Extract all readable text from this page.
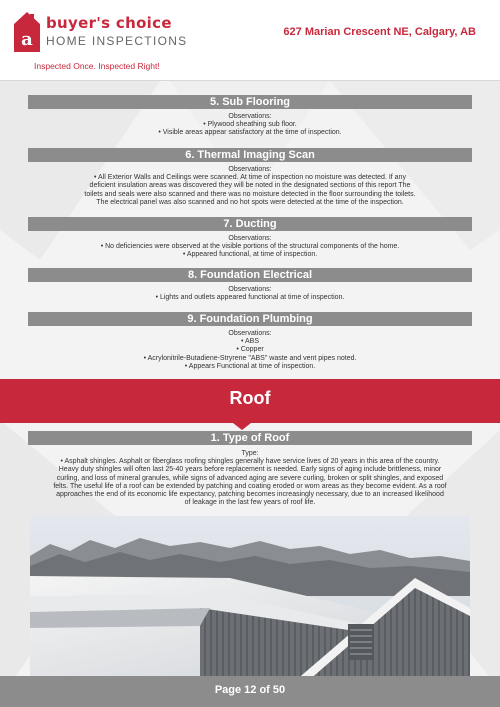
a
buyer's choice
HOME INSPECTIONS
Inspected Once. Inspected Right!
627 Marian Crescent NE, Calgary, AB
5. Sub Flooring
Observations:
• Plywood sheathing sub floor.
• Visible areas appear satisfactory at the time of inspection.
6. Thermal Imaging Scan
Observations:
• All Exterior Walls and Ceilings were scanned. At time of inspection no moisture was detected. If any
deficient insulation areas was discovered they will be noted in the designated sections of this report The
toilets and seals were also scanned and there was no moisture detected in the floor surrounding the toilets.
The electrical panel was also scanned and no hot spots were detected at the time of the inspection.
7. Ducting
Observations:
• No deficiencies were observed at the visible portions of the structural components of the home.
• Appeared functional, at time of inspection.
8. Foundation Electrical
Observations:
• Lights and outlets appeared functional at time of inspection.
9. Foundation Plumbing
Observations:
• ABS
• Copper
• Acrylonitrile-Butadiene-Stryrene "ABS" waste and vent pipes noted.
• Appears Functional at time of inspection.
Roof
1. Type of Roof
Type:
• Asphalt shingles. Asphalt or fiberglass roofing shingles generally have service lives of 20 years in this area of the country.
Heavy duty shingles will often last 25-40 years before replacement is needed. Early signs of aging include brittleness, minor
curling, and loss of mineral granules, while signs of advanced aging are severe curling, broken or split shingles, and exposed
felts. The useful life of a roof can be extended by patching and coating eroded or worn areas as they become evident. As a roof
approaches the end of its economic life expectancy, patching becomes increasingly necessary, due to an increased likelihood
of leakage in the last few years of roof life.
Page 12 of 50
